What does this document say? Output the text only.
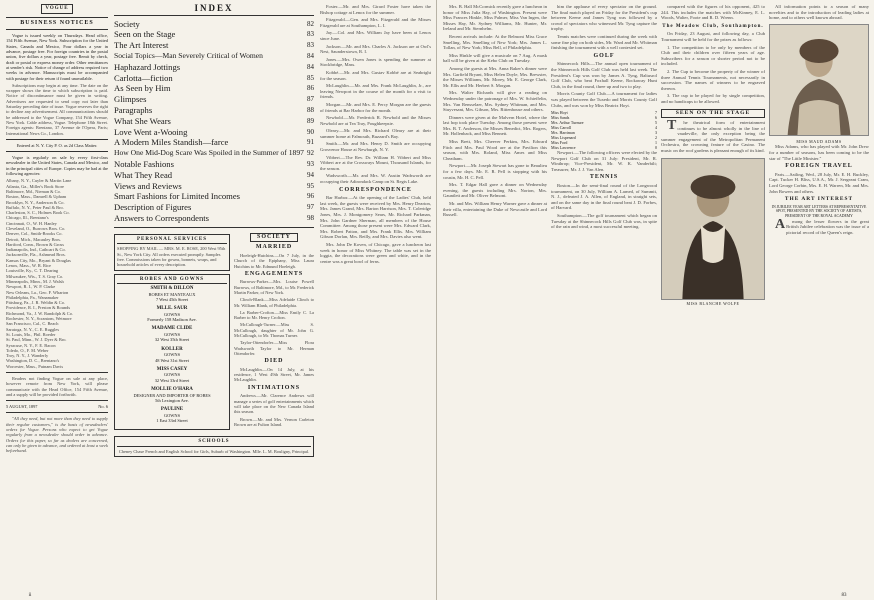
VOGUE
BUSINESS NOTICES

Vogue is issued weekly on Thursdays. Head office, 154 Fifth Avenue, New York. Subscription for the United States, Canada and Mexico, Four dollars a year in advance, postage free. For foreign countries in the postal union, five dollars a year, postage free. Remit by check, draft or postal or express money order. Other remittances at sender's risk. Notice of change of address required two weeks in advance. Manuscripts must be accompanied with postage for their return if found unavailable.

Subscriptions may begin at any time. The date on the wrapper shows the time to which subscription is paid. Notice of discontinuance must be given in writing. Advertisers are requested to send copy not later than Saturday preceding date of issue. Vogue reserves the right to decline any advertisement. All communications should be addressed to the Vogue Company, 154 Fifth Avenue, New York. Cable address, Vogue. Telephone 18th Street. Foreign agents: Brentano, 37 Avenue de l'Opera, Paris; International News Co., London.

Entered at N. Y. City P. O. as 2d Class Matter.

Vogue is regularly on sale by every first-class newsdealer in the United States, Canada and Mexico, and in the principal cities of Europe. Copies may be had at the following agencies:

Albany, N. Y., Cuyler & Martin Lane
Atlanta, Ga., Miller's Book Store
Baltimore, Md., Nieman & Co.
Boston, Mass., Damrell & Upham
Brooklyn, N. Y., Anderson & Co.
Buffalo, N. Y., Peter Paul & Bro.
Charleston, S. C., Holmes Book Co.
Chicago, Ill., Brentano's
Cincinnati, O., W. H. Hanley
Cleveland, O., Burrows Bros. Co.
Denver, Col., Smith-Brooks Co.
Detroit, Mich., Macauley Bros.
Hartford, Conn., Brown & Gross
Indianapolis, Ind., Cathcart & Co.
Jacksonville, Fla., Ashmead Bros.
Kansas City, Mo., Bryant & Douglas
Lenox, Mass., W. R. Rice
Louisville, Ky., C. T. Dearing
Milwaukee, Wis., T. S. Gray Co.
Minneapolis, Minn., M. J. Walsh
Newport, R. I., W. P. Clarke
New Orleans, La., Geo. F. Wharton
Philadelphia, Pa., Wanamaker
Pittsburg, Pa., J. R. Weldin & Co.
Providence, R. I., Preston & Rounds
Richmond, Va., J. W. Randolph & Co.
Rochester, N. Y., Scrantom, Wetmore
San Francisco, Cal., C. Beach
Saratoga, N. Y., C. E. Ruggles
St. Louis, Mo., Phil. Roeder
St. Paul, Minn., W. J. Dyer & Bro.
Syracuse, N. Y., F. E. Bacon
Toledo, O., F. M. Weber
Troy, N. Y., J. Wanderly
Washington, D. C., Brentano's
Worcester, Mass., Putnam Davis

Readers not finding Vogue on sale at any place, however remote from New York, will please communicate with the Head Office, 154 Fifth Avenue, and a supply will be provided forthwith.

5 AUGUST, 1897	No. 6

"All they need, but not more than they need to supply their regular customers," is the basis of newsdealers' orders for Vogue. Persons who expect to get Vogue regularly from a newsdealer should order in advance. Orders for this paper, so far as dealers are concerned, can only be given in advance, and ordered at least a week beforehand.

INDEX
Society	82
Seen on the Stage	83
The Art Interest	83
Social Topics—Man Severely Critical of Women	84
Haphazard Jottings	84
Carlotta—fiction	85
As Seen by Him	86
Glimpses	87
Paragraphs	88
What She Wears	89
Love Went a-Wooing	90
A Modern Miles Standish—farce	91
How One Mid-Dog Scare Was Spoiled in the Summer of 1897 92
Notable Fashions	93
What They Read	94
Views and Reviews	95
Smart Fashions for Limited Incomes	96
Description of Figures	97
Answers to Correspondents	98
PERSONAL SERVICES
SHOPPING BY MAIL — MRS. M. E. ROSE, 200 West 95th St., New York City. All orders executed promptly. Samples free. Commissions taken for gowns, bonnets, wraps, and household articles of every description.
ROBES AND GOWNS
SMITH & DILLON
ROBES ET MANTEAUX
7 West 45th Street
MLLE. SAUR
GOWNS
Formerly 158 Madison Ave.
MADAME CLIDE
GOWNS
32 West 35th Street
KOLLER
GOWNS
48 West 31st Street
MISS CASEY
GOWNS
32 West 33rd Street
MOLLIE O'HARA
DESIGNER AND IMPORTER OF ROBES
5th Lexington Ave.
PAULINE
GOWNS
1 East 33rd Street
SOCIETY
MARRIED

Hoeleigh-Hutchins.—On 7 July, in the Church of the Epiphany, Miss Laura Hutchins to Mr. Edmund Hoeleigh.

ENGAGEMENTS

Burrows-Parker.—Mrs. Louise Powell Burrows, of Baltimore, Md., to Mr. Frederick Martin Parker, of New York.

Clinch-Blank.—Miss Adelaide Clinch to Mr. William Blank, of Philadelphia.

La Barber-Crofton.—Miss Emily C. La Barber to Mr. Henry Crofton.

McCullough-Turner.—Miss S. McCullough, daughter of Mr. John G. McCullough, to Mr. Thomas Turner.

Taylor-Ottendorfer.—Miss Flora Wadsworth Taylor to Mr. Herman Ottendorfer.

DIED

McLaughlin.—On 14 July, at his residence, 1 West 49th Street, Mr. James McLaughlin.

INTIMATIONS

Andrews.—Mr. Clarence Andrews will manage a series of golf entertainments which will take place on the New Canada Island this season.

Brown.—Mr. and Mrs. Vernon Carleton Brown are at Fulton Island.

SCHOOLS
Cheney Chase French and English School for Girls, Suburb of Washington. Mlle. L. M. Bouligny, Principal.

Foster.—Mr. and Mrs. Girard Foster have taken the Bishop cottage at Lenox for the summer.

Fitzgerald.—Gen. and Mrs. Fitzgerald and the Misses Fitzgerald are at Southampton, L. I.

Jay.—Col. and Mrs. William Jay have been at Lenox since June.

Jackson.—Mr. and Mrs. Charles A. Jackson are at Owl's Nest, Saunderstown, R. I.

Jones.—Mrs. Owen Jones is spending the summer at Stockbridge, Mass.

Kobbé.—Mr. and Mrs. Gustav Kobbé are at Seabright for the season.

McLaughlin.—Mr. and Mrs. Frank McLaughlin, Jr., are leaving Newport in the course of the month for a visit to friends.

Morgan.—Mr. and Mrs. E. Percy Morgan are the guests of friends at Bar Harbor for the month.

Newbold.—Mr. Frederick R. Newbold and the Misses Newbold are at Tea Tray, Poughkeepsie.

Oleary.—Mr. and Mrs. Richard Oleary are at their summer home at Falmouth, Buzzard's Bay.

Smith.—Mr. and Mrs. Henry D. Smith are occupying Grosvenor House at Newburgh, N. Y.

Vibbert.—The Rev. Dr. William H. Vibbert and Miss Vibbert are at the Crossways Mount, Thousand Islands, for the season.

Wadsworth.—Mr. and Mrs. W. Austin Wadsworth are occupying their Adirondack Camp on St. Regis Lake.

CORRESPONDENCE

Bar Harbor.—At the opening of the Ladies' Club, held last week, the guests were received by Mrs. Henry Dearton, Mrs. James Grand, Mrs. Barton Harrison, Mrs. T. Coleridge Jones, Mrs. J. Montgomery Sears, Mr. Richard Parkman, Mrs. John Gardner Sherman, all members of the House Committee. Among those present were Mrs. Edward Clark, Mrs. Robert Patton, and Mrs. Frank Ellis. Mrs. William Gibson Dorlan, Mrs. Reilly, and Mrs. Davies also went.

Mrs. John De Koven, of Chicago, gave a luncheon last week in honor of Miss Whitney. The table was set in the loggia, the decorations were green and white, and in the centre was a great bowl of ferns.

ii

Mrs. B. Hall McCormick recently gave a luncheon in honor of Miss Julia Hay, of Washington. Present were Miss Frances Hinkle, Miss Palmer, Miss Van Ingen, the Misses Hay, Mr. Sydney Williams, Mr. Hunter, Mr. Ireland and Mr. Sternhelm.

Recent arrivals include: At the Belmont Miss Grace Smelling, Mrs. Smelling of New York; Mrs. James L. Tollan, of New York; Miss Bell, of Philadelphia.

Miss Hinkle will give a musicale on 7 Aug. A mask ball will be given at the Kebo Club on Tuesday.

Among the guests at Mrs. Anna Baker's dinner were Mrs. Garfield Bryant, Miss Helen Doyle, Mrs. Brewster, the Misses Williams, Mr. Morey, Mr. E. George Clark, Mr. Ellis and Mr. Herbert S. Morgan.

Mrs. Walter Richards will give a reading on Wednesday under the patronage of Mrs. W. Schieffelin, Mrs. Van Rensselaer, Mrs. Sydney Whitman, and Mrs. Stuyvesant, Mrs. Gibson, Mrs. Rittenhouse and others.

Dinners were given at the Malvern Hotel, where the last hop took place Tuesday. Among those present were Mrs. B. T. Anderson, the Misses Benedict, Mrs. Rogers, Mr. Hollenback, and Miss Bennett.

Miss Brett, Mrs. Cheever Perkins, Mrs. Edward Fitch and Mrs. Paul Wood are at the Pavilion this season, with Mrs. Roland, Miss Ames and Miss Cheatham.

Newport.—Mr. Joseph Stewart has gone to Beaulieu for a few days. Mr. E. R. Pell is stopping with his cousin, Mr. H. C. Pell.

Mrs. T. Edgar Hall gave a dinner on Wednesday evening, the guests including Mrs. Norton, Mrs. Gauntlett and Mr. Oliver Belmont.

Mr. and Mrs. William Henry Warner gave a dinner at their villa, entertaining the Duke of Newcastle and Lord Russell.

him the applause of every spectator on the ground. The final match played on Friday for the President's cup between Keene and James Tyng was followed by a crowd of spectators who witnessed Mr. Tyng capture the trophy.

Tennis matches were continued during the week with some fine play on both sides, Mr. Ward and Mr. Whitman finishing the tournament with a well contested set.

GOLF

Shinnecock Hills.—The annual open tournament of the Shinnecock Hills Golf Club was held last week. The President's Cup was won by James A. Tyng, Baltusrol Golf Club, who beat Foxhall Keene, Rockaway Hunt Club, in the final round, three up and two to play.

Morris County Golf Club.—A tournament for ladies was played between the Tuxedo and Morris County Golf Clubs, and was won by Miss Beatrix Hoyt.

Miss Hoyt	7
Miss Sands	6
Mrs. Arthur Turnure	5
Miss Carroll	4
Mrs. Harriman	3
Miss Lispenard	2
Miss Ford	1
Miss Lawrence	0

Newport.—The following officers were elected by the Newport Golf Club on 31 July: President, Mr. R. Winthrop; Vice-President, Mr. W. K. Vanderbilt; Treasurer, Mr. J. J. Van Alen.

TENNIS

Boston.—In the semi-final round of the Longwood tournament, on 30 July, William A. Larned, of Summit, N. J., defeated J. A. Allen, of England, in straight sets, and on the same day in the final round beat J. D. Forbes, of Harvard.

Southampton.—The golf tournament which began on Tuesday at the Shinnecock Hills Golf Club was, in spite of the rain and wind, a most successful meeting.

compared with the figures of his opponent, 425 to 244. This includes the matches with McKinney, E. L. Woods, Walter, Foote and R. D. Wrenn.

The Meadow Club, Southampton.

On Friday, 23 August, and following day, a Club Tournament will be held for the prizes as follows:

1. The competition to be only by members of the Club and their children over fifteen years of age. Subscribers for a season or shorter period not to be included.

2. The Cup to become the property of the winner of three Annual Tennis Tournaments, not necessarily in succession. The names of winners to be engraved thereon.

3. The cup to be played for by single competition, and no handicaps to be allowed.

SEEN ON THE STAGE

T he theatrical form of entertainment continues to be almost wholly in the line of vaudeville, the only exception being the summer engagement of the Metropolitan Permanent Orchestra, the crowning feature of the Casino. The music on the roof gardens is pleasant enough of its kind.

MISS BLANCHE WOLFE

All information points to a season of many novelties and to the introduction of leading ladies at home, and to others well known abroad.

MISS MAUD ADAMS

Miss Adams, who has played with Mr. John Drew for a number of seasons, has been coming to be the star of "The Little Minister."

FOREIGN TRAVEL

Paris.—Sailing, Wed., 28 July, Mr. E. H. Buckley, Capt. Tucker H. Bliss, U.S.A., Mr. J. Sergeant Cram, Lord George Corbin, Mrs. E. H. Warren, Mr. and Mrs. John Bowers and others.

THE ART INTEREST
IN JUBILEE YEAR ART LETTERS AT REPRESENTATIVE SPOT, PRESENTED BY THE SOCIETY OF ARTISTS, PRESIDENT OF THE ROYAL ACADEMY

A mong the lesser flowers in the great British Jubilee celebration was the issue of a pictorial record of the Queen's reign.

83
